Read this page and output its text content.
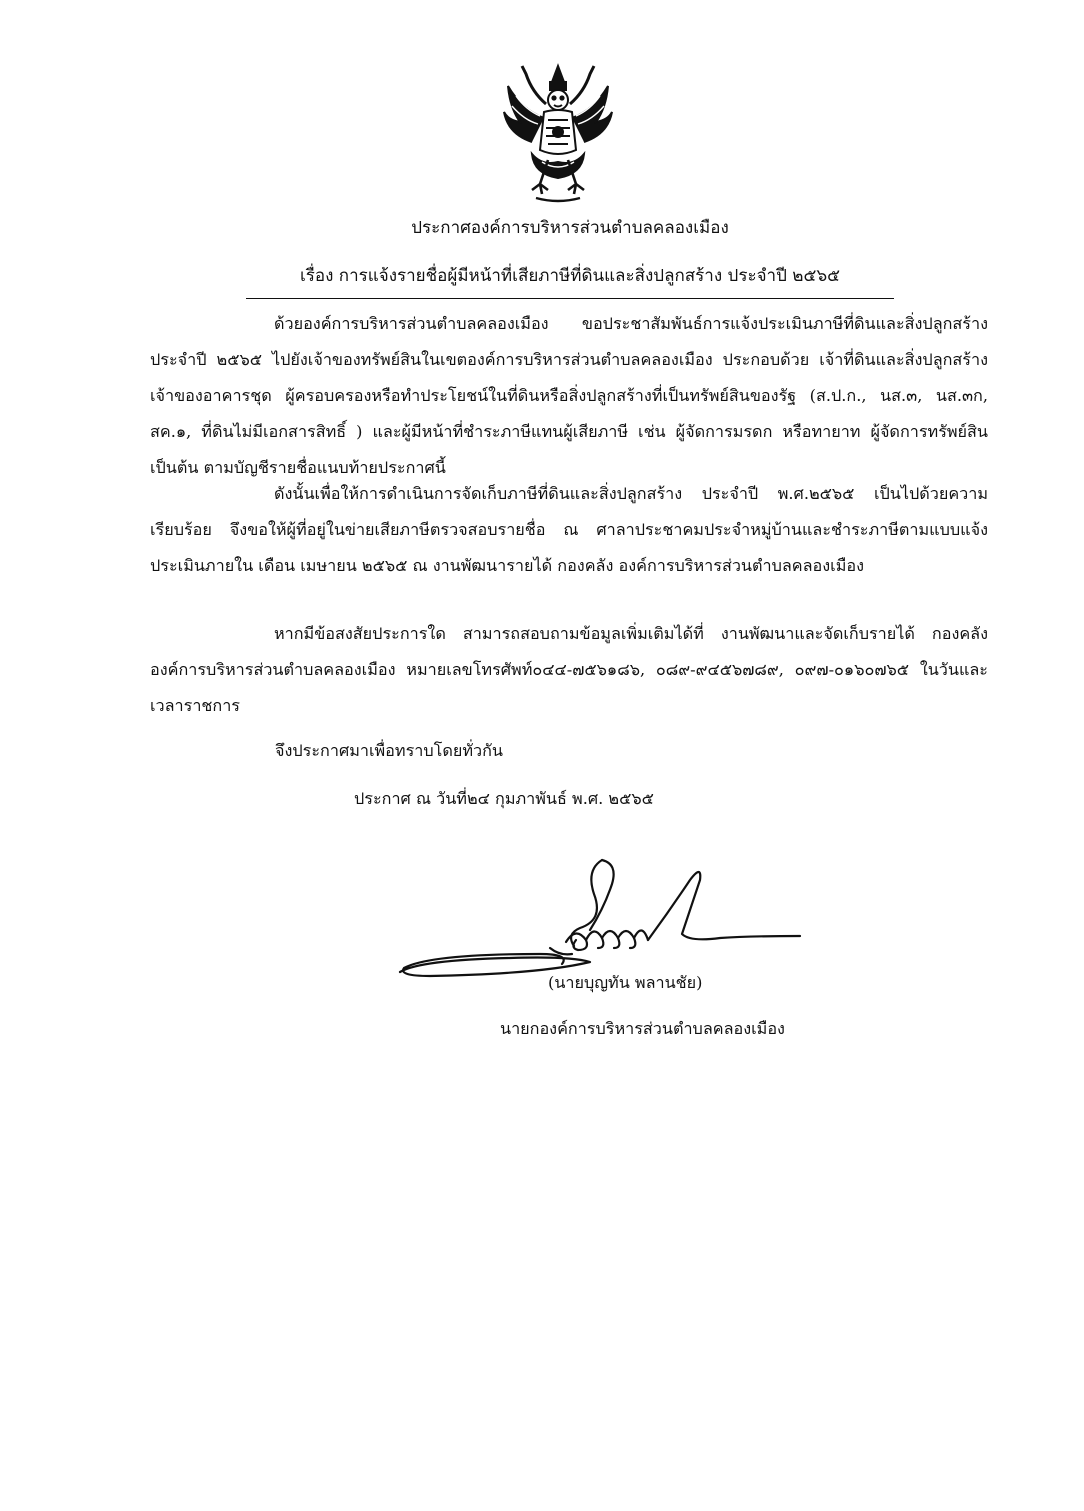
ประกาศองค์การบริหารส่วนตำบลคลองเมือง
เรื่อง การแจ้งรายชื่อผู้มีหน้าที่เสียภาษีที่ดินและสิ่งปลูกสร้าง ประจำปี ๒๕๖๕
ด้วยองค์การบริหารส่วนตำบลคลองเมือง ขอประชาสัมพันธ์การแจ้งประเมินภาษีที่ดินและสิ่งปลูกสร้างประจำปี ๒๕๖๕ ไปยังเจ้าของทรัพย์สินในเขตองค์การบริหารส่วนตำบลคลองเมือง ประกอบด้วย เจ้าที่ดินและสิ่งปลูกสร้าง เจ้าของอาคารชุด ผู้ครอบครองหรือทำประโยชน์ในที่ดินหรือสิ่งปลูกสร้างที่เป็นทรัพย์สินของรัฐ (ส.ป.ก., นส.๓, นส.๓ก, สค.๑, ที่ดินไม่มีเอกสารสิทธิ์ ) และผู้มีหน้าที่ชำระภาษีแทนผู้เสียภาษี เช่น ผู้จัดการมรดก หรือทายาท ผู้จัดการทรัพย์สิน เป็นต้น ตามบัญชีรายชื่อแนบท้ายประกาศนี้
ดังนั้นเพื่อให้การดำเนินการจัดเก็บภาษีที่ดินและสิ่งปลูกสร้าง ประจำปี พ.ศ.๒๕๖๕ เป็นไปด้วยความเรียบร้อย จึงขอให้ผู้ที่อยู่ในข่ายเสียภาษีตรวจสอบรายชื่อ ณ ศาลาประชาคมประจำหมู่บ้านและชำระภาษีตามแบบแจ้งประเมินภายใน เดือน เมษายน ๒๕๖๕ ณ งานพัฒนารายได้ กองคลัง องค์การบริหารส่วนตำบลคลองเมือง
หากมีข้อสงสัยประการใด สามารถสอบถามข้อมูลเพิ่มเติมได้ที่ งานพัฒนาและจัดเก็บรายได้ กองคลัง องค์การบริหารส่วนตำบลคลองเมือง หมายเลขโทรศัพท์๐๔๔-๗๕๖๑๘๖, ๐๘๙-๙๔๕๖๗๘๙, ๐๙๗-๐๑๖๐๗๖๕ ในวันและเวลาราชการ
จึงประกาศมาเพื่อทราบโดยทั่วกัน
ประกาศ ณ วันที่๒๔ กุมภาพันธ์ พ.ศ. ๒๕๖๕
(นายบุญทัน พลานชัย)
นายกองค์การบริหารส่วนตำบลคลองเมือง
